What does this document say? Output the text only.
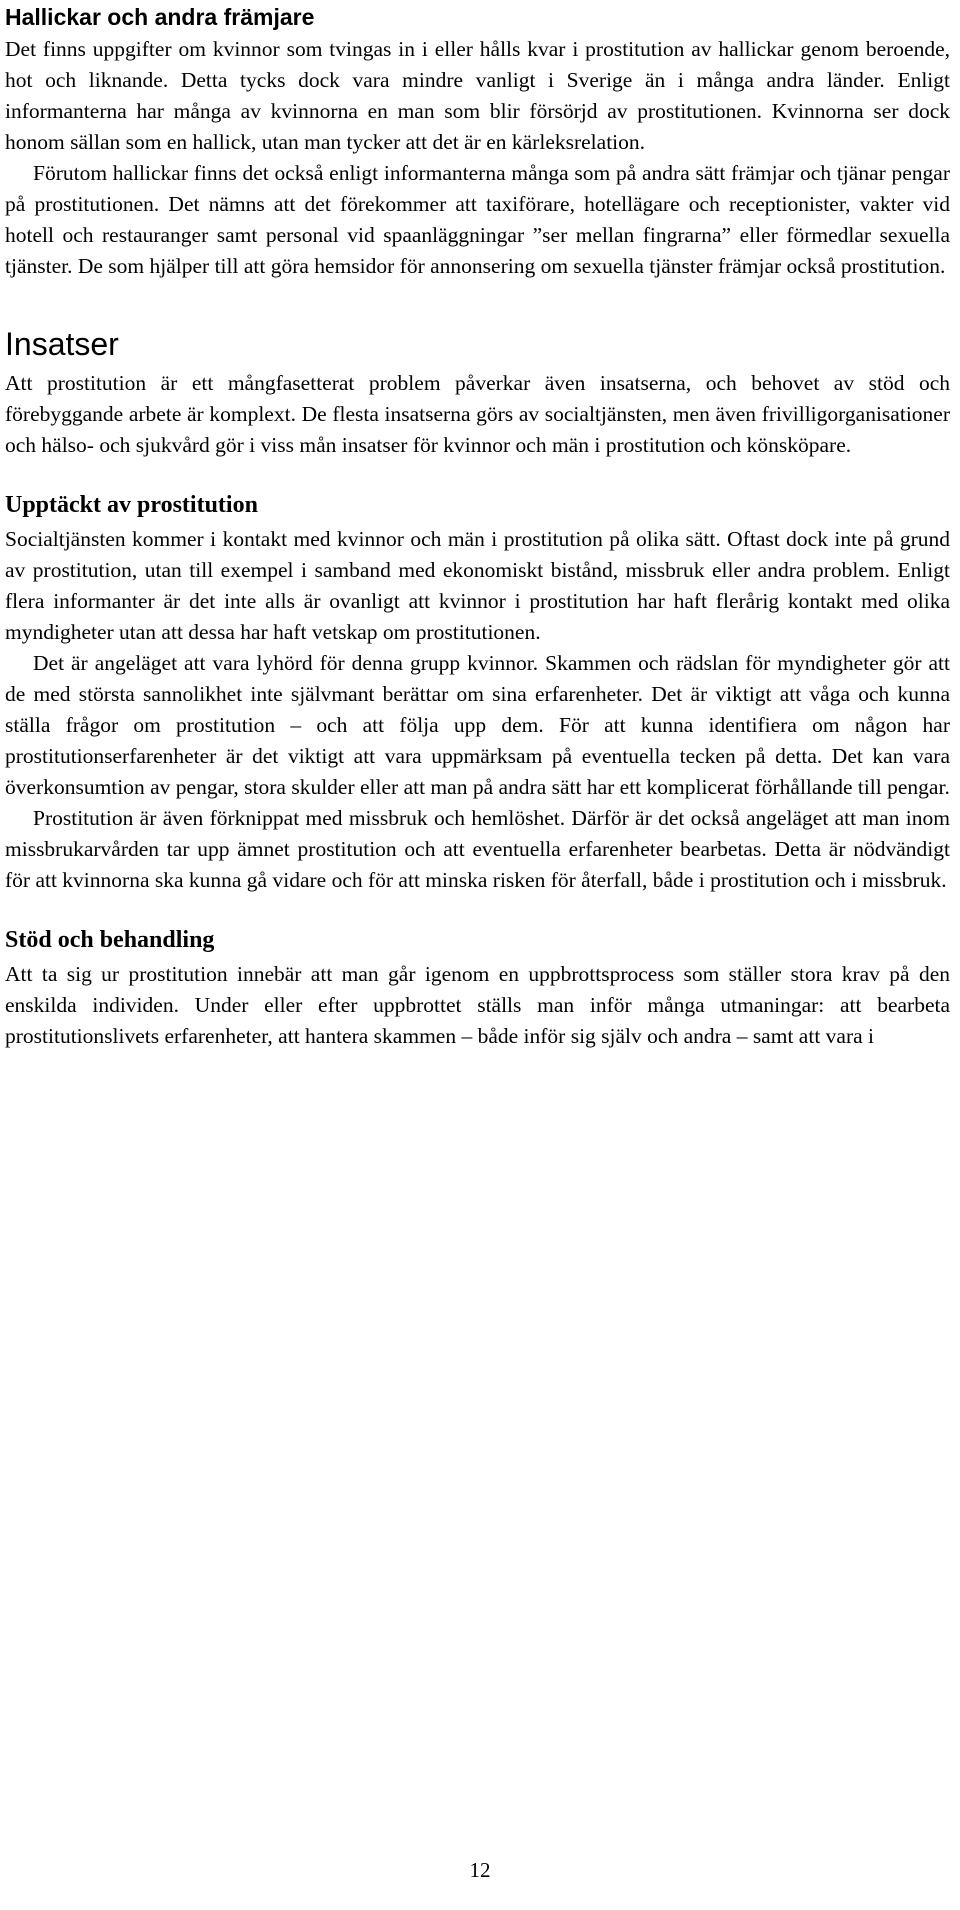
Hallickar och andra främjare

Det finns uppgifter om kvinnor som tvingas in i eller hålls kvar i prostitution av hallickar genom beroende, hot och liknande. Detta tycks dock vara mindre vanligt i Sverige än i många andra länder. Enligt informanterna har många av kvinnorna en man som blir försörjd av prostitutionen. Kvinnorna ser dock honom sällan som en hallick, utan man tycker att det är en kärleksrelation.

Förutom hallickar finns det också enligt informanterna många som på andra sätt främjar och tjänar pengar på prostitutionen. Det nämns att det förekommer att taxiförare, hotellägare och receptionister, vakter vid hotell och restauranger samt personal vid spaanläggningar ”ser mellan fingrarna” eller förmedlar sexuella tjänster. De som hjälper till att göra hemsidor för annonsering om sexuella tjänster främjar också prostitution.

Insatser

Att prostitution är ett mångfasetterat problem påverkar även insatserna, och behovet av stöd och förebyggande arbete är komplext. De flesta insatserna görs av socialtjänsten, men även frivilligorganisationer och hälso- och sjukvård gör i viss mån insatser för kvinnor och män i prostitution och könsköpare.

Upptäckt av prostitution

Socialtjänsten kommer i kontakt med kvinnor och män i prostitution på olika sätt. Oftast dock inte på grund av prostitution, utan till exempel i samband med ekonomiskt bistånd, missbruk eller andra problem. Enligt flera informanter är det inte alls är ovanligt att kvinnor i prostitution har haft flerårig kontakt med olika myndigheter utan att dessa har haft vetskap om prostitutionen.

Det är angeläget att vara lyhörd för denna grupp kvinnor. Skammen och rädslan för myndigheter gör att de med största sannolikhet inte självmant berättar om sina erfarenheter. Det är viktigt att våga och kunna ställa frågor om prostitution – och att följa upp dem. För att kunna identifiera om någon har prostitutionserfarenheter är det viktigt att vara uppmärksam på eventuella tecken på detta. Det kan vara överkonsumtion av pengar, stora skulder eller att man på andra sätt har ett komplicerat förhållande till pengar.

Prostitution är även förknippat med missbruk och hemlöshet. Därför är det också angeläget att man inom missbrukarvården tar upp ämnet prostitution och att eventuella erfarenheter bearbetas. Detta är nödvändigt för att kvinnorna ska kunna gå vidare och för att minska risken för återfall, både i prostitution och i missbruk.

Stöd och behandling

Att ta sig ur prostitution innebär att man går igenom en uppbrottsprocess som ställer stora krav på den enskilda individen. Under eller efter uppbrottet ställs man inför många utmaningar: att bearbeta prostitutionslivets erfarenheter, att hantera skammen – både inför sig själv och andra – samt att vara i

12
